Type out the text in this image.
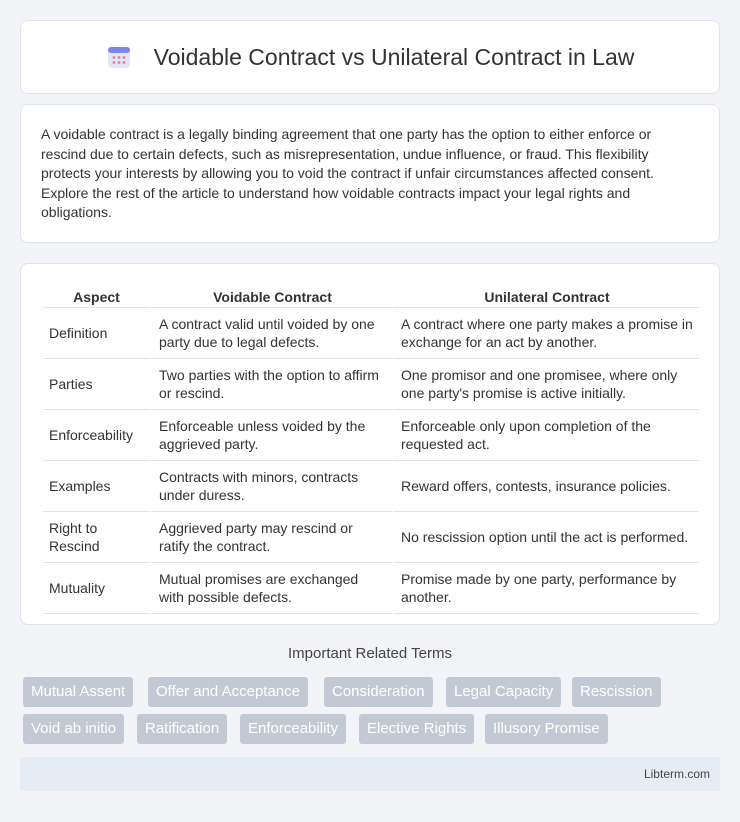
Voidable Contract vs Unilateral Contract in Law

A voidable contract is a legally binding agreement that one party has the option to either enforce or rescind due to certain defects, such as misrepresentation, undue influence, or fraud. This flexibility protects your interests by allowing you to void the contract if unfair circumstances affected consent. Explore the rest of the article to understand how voidable contracts impact your legal rights and obligations.

Aspect	Voidable Contract	Unilateral Contract
Definition	A contract valid until voided by one party due to legal defects.	A contract where one party makes a promise in exchange for an act by another.
Parties	Two parties with the option to affirm or rescind.	One promisor and one promisee, where only one party's promise is active initially.
Enforceability	Enforceable unless voided by the aggrieved party.	Enforceable only upon completion of the requested act.
Examples	Contracts with minors, contracts under duress.	Reward offers, contests, insurance policies.
Right to Rescind	Aggrieved party may rescind or ratify the contract.	No rescission option until the act is performed.
Mutuality	Mutual promises are exchanged with possible defects.	Promise made by one party, performance by another.
Important Related Terms
Mutual Assent	Offer and Acceptance	Consideration	Legal Capacity	Rescission
Void ab initio	Ratification	Enforceability	Elective Rights	Illusory Promise
Libterm.com
